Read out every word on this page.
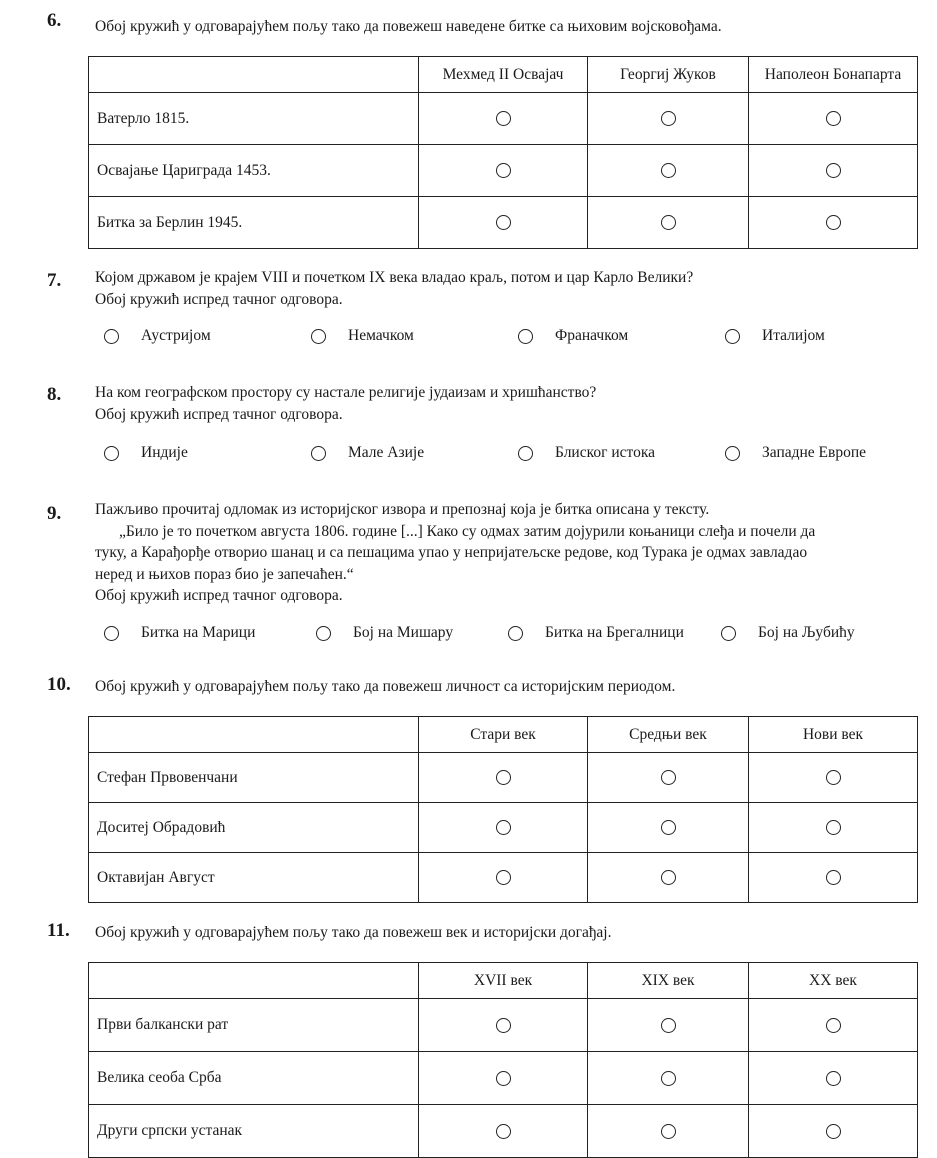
6. Обој кружић у одговарајућем пољу тако да повежеш наведене битке са њиховим војсковођама.
	Мехмед II Освајач	Георгиј Жуков	Наполеон Бонапарта
Ватерло 1815.			
Освајање Цариграда 1453.			
Битка за Берлин 1945.			
7. Којом државом је крајем VIII и почетком IX века владао краљ, потом и цар Карло Велики?
Обој кружић испред тачног одговора.
Аустријом	Немачком	Франачком	Италијом
8. На ком географском простору су настале религије јудаизам и хришћанство?
Обој кружић испред тачног одговора.
Индије	Мале Азије	Блиског истока	Западне Европе
9. Пажљиво прочитај одломак из историјског извора и препознај која је битка описана у тексту.
„Било је то почетком августа 1806. године [...] Како су одмах затим дојурили коњаници слеђа и почели да
туку, а Карађорђе отворио шанац и са пешацима упао у непријатељске редове, код Турака је одмах завладао
неред и њихов пораз био је запечаћен.“
Обој кружић испред тачног одговора.
Битка на Марици	Бој на Мишару	Битка на Брегалници	Бој на Љубићу
10. Обој кружић у одговарајућем пољу тако да повежеш личност са историјским периодом.
	Стари век	Средњи век	Нови век
Стефан Првовенчани			
Доситеј Обрадовић			
Октавијан Август			
11. Обој кружић у одговарајућем пољу тако да повежеш век и историјски догађај.
	XVII век	XIX век	XX век
Први балкански рат			
Велика сеоба Срба			
Други српски устанак			
